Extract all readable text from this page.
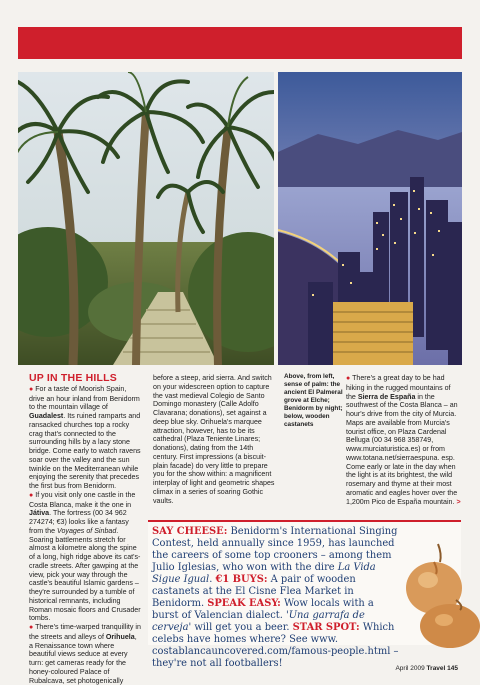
UP IN THE HILLS

● For a taste of Moorish Spain, drive an hour inland from Benidorm to the mountain village of Guadalest. Its ruined ramparts and ransacked churches top a rocky crag that's connected to the surrounding hills by a lacy stone bridge. Come early to watch ravens soar over the valley and the sun twinkle on the Mediterranean while enjoying the serenity that precedes the first bus from Benidorm.

● If you visit only one castle in the Costa Blanca, make it the one in Játiva. The fortress (00 34 962 274274; €3) looks like a fantasy from the Voyages of Sinbad. Soaring battlements stretch for almost a kilometre along the spine of a long, high ridge above its cat's-cradle streets. After gawping at the view, pick your way through the castle's beautiful Islamic gardens – they're surrounded by a tumble of historical remnants, including Roman mosaic floors and Crusader tombs.

● There's time-warped tranquillity in the streets and alleys of Orihuela, a Renaissance town where beautiful views seduce at every turn: get cameras ready for the honey-coloured Palace of Rubalcava, set photogenically

before a steep, arid sierra. And switch on your widescreen option to capture the vast medieval Colegio de Santo Domingo monastery (Calle Adolfo Clavarana; donations), set against a deep blue sky. Orihuela's marquee attraction, however, has to be its cathedral (Plaza Teniente Linares; donations), dating from the 14th century. First impressions (a biscuit-plain facade) do very little to prepare you for the show within: a magnificent interplay of light and geometric shapes climax in a series of soaring Gothic vaults.

Above, from left, sense of palm: the ancient El Palmeral grove at Elche; Benidorm by night; below, wooden castanets

● There's a great day to be had hiking in the rugged mountains of the Sierra de España in the southwest of the Costa Blanca – an hour's drive from the city of Murcia. Maps are available from Murcia's tourist office, on Plaza Cardenal Belluga (00 34 968 358749, www.murciaturistica.es) or from www.totana.net/sierraespuna. esp. Come early or late in the day when the light is at its brightest, the wild rosemary and thyme at their most aromatic and eagles hover over the 1,200m Pico de España mountain. >

SAY CHEESE: Benidorm's International Singing Contest, held annually since 1959, has launched the careers of some top crooners – among them Julio Iglesias, who won with the dire La Vida Sigue Igual. €1 BUYS: A pair of wooden castanets at the El Cisne Flea Market in Benidorm. SPEAK EASY: Wow locals with a burst of Valencian dialect. 'Una garrafa de cerveja' will get you a beer. STAR SPOT: Which celebs have homes where? See www. costablancauncovered.com/famous-people.html – they're not all footballers!	April 2009 Travel 145
